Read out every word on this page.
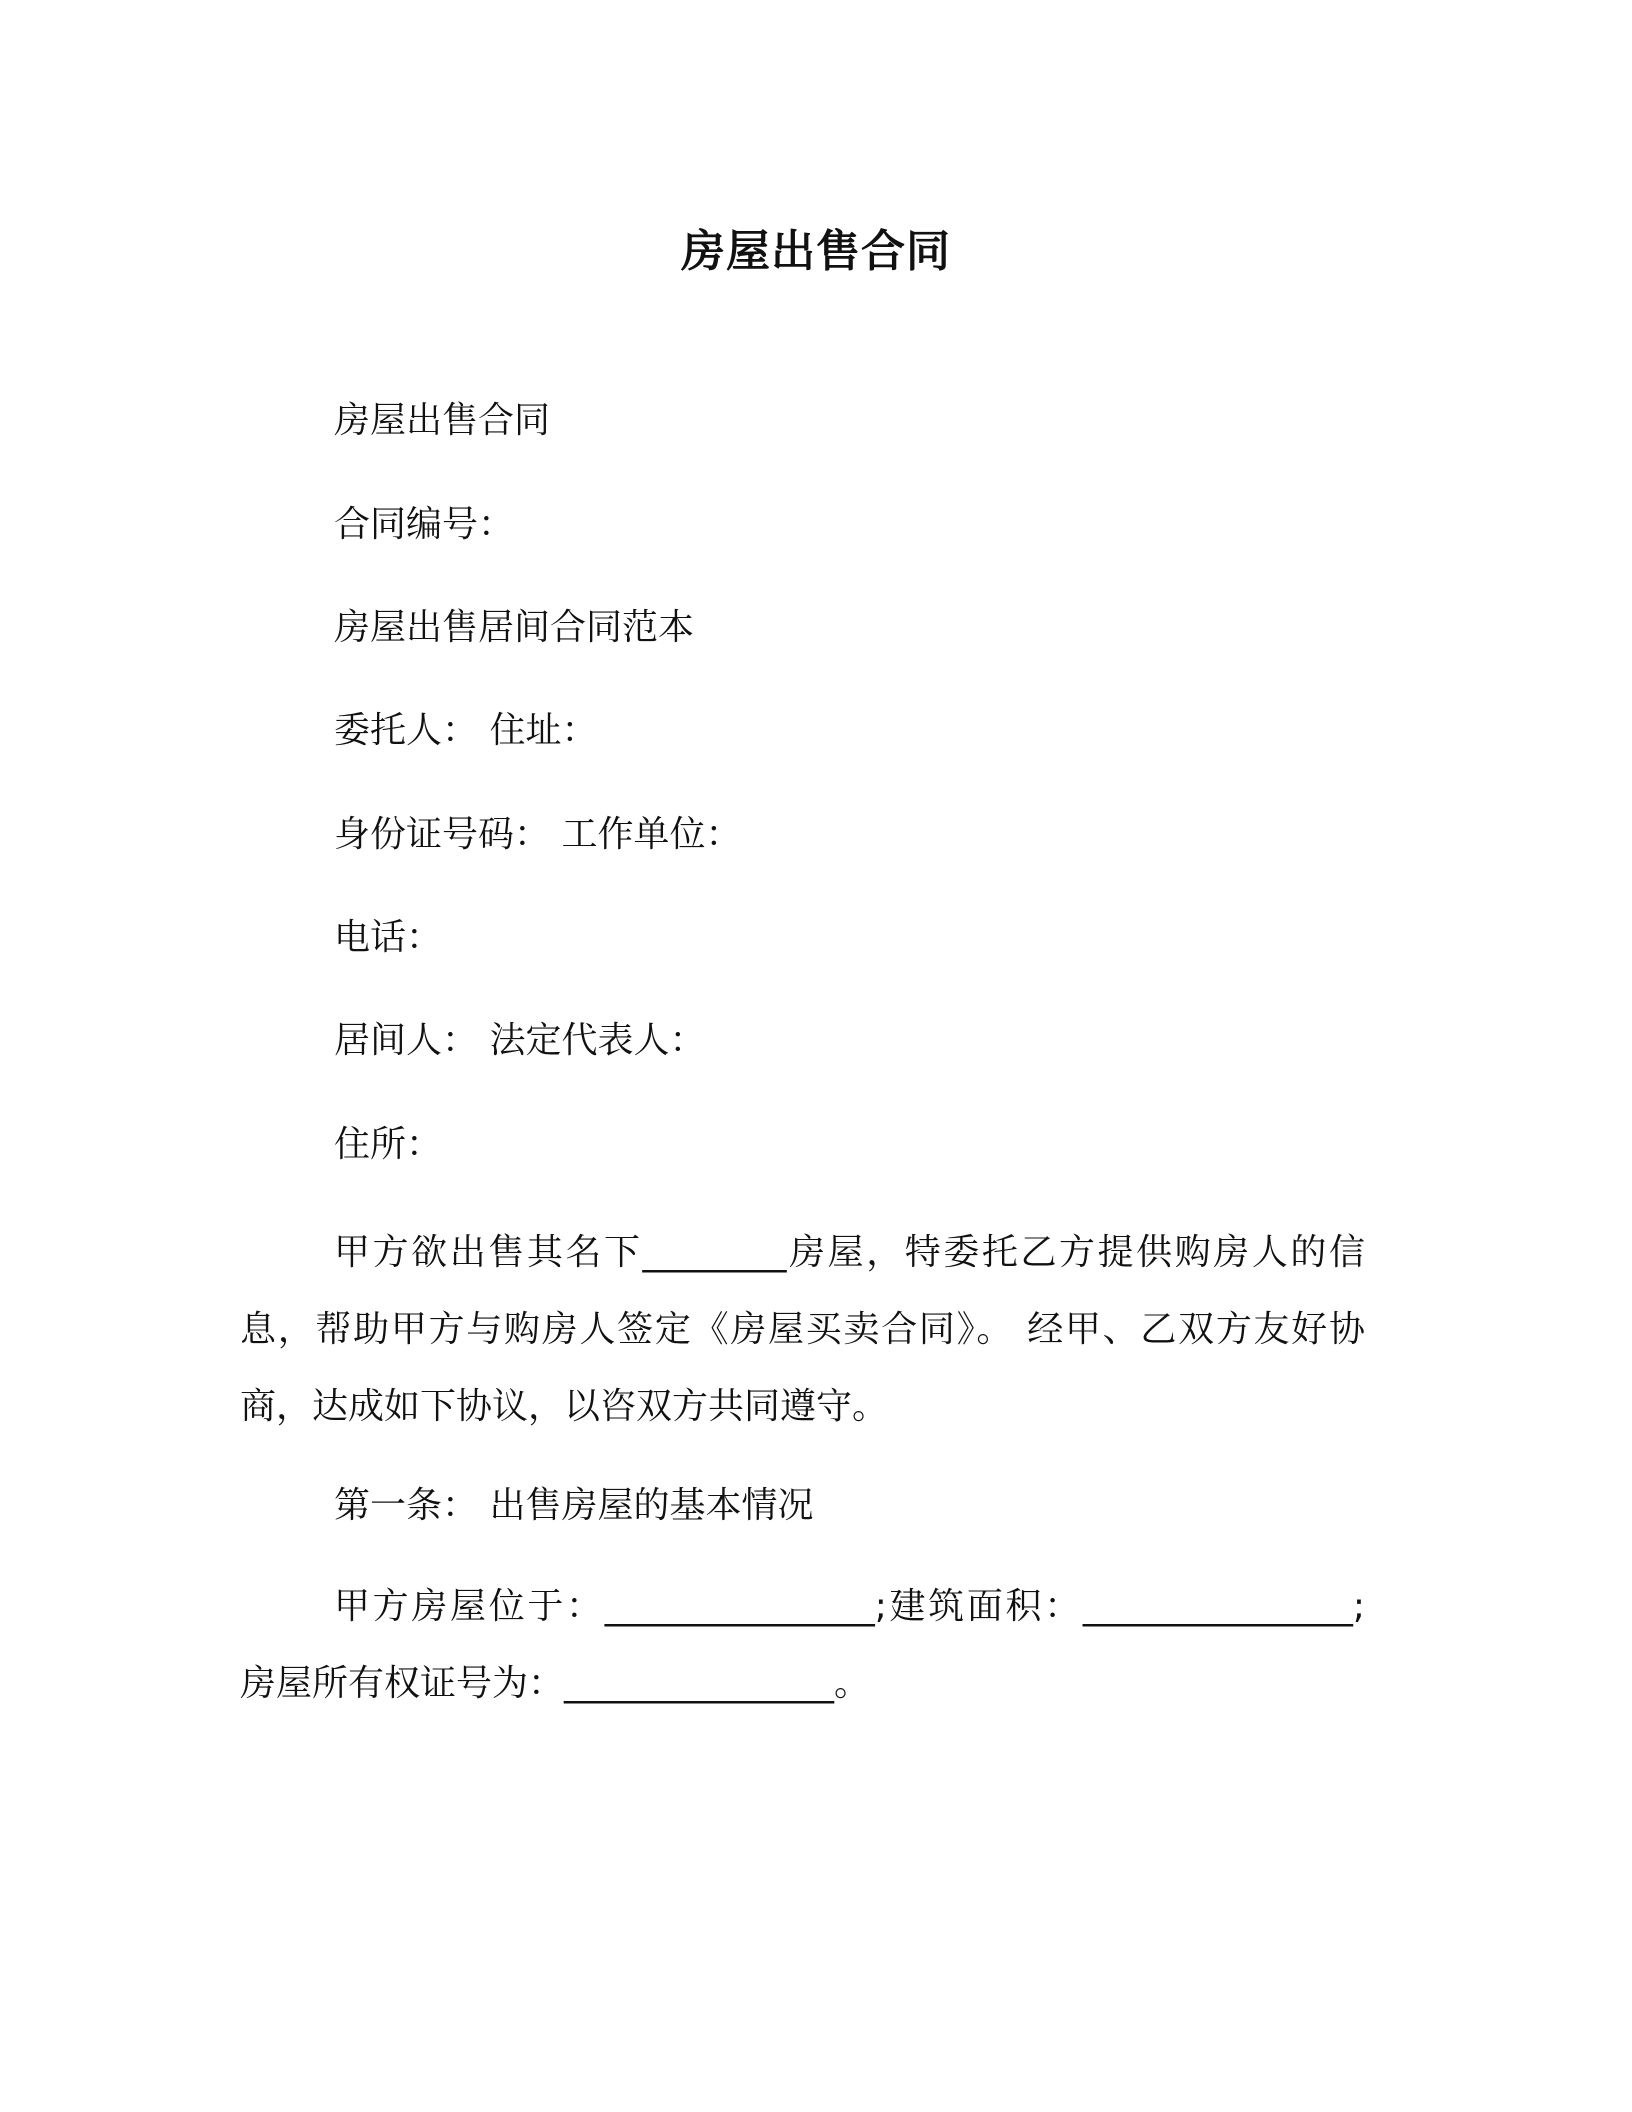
房屋出售合同
房屋出售合同
合同编号：
房屋出售居间合同范本
委托人： 住址：
身份证号码： 工作单位：
电话：
居间人： 法定代表人：
住所：
甲方欲出售其名下________房屋，特委托乙方提供购房人的信息，帮助甲方与购房人签定《房屋买卖合同》。 经甲、乙双方友好协商，达成如下协议，以咨双方共同遵守。
第一条： 出售房屋的基本情况
甲方房屋位于：_______________;建筑面积：_______________;房屋所有权证号为：_______________。
